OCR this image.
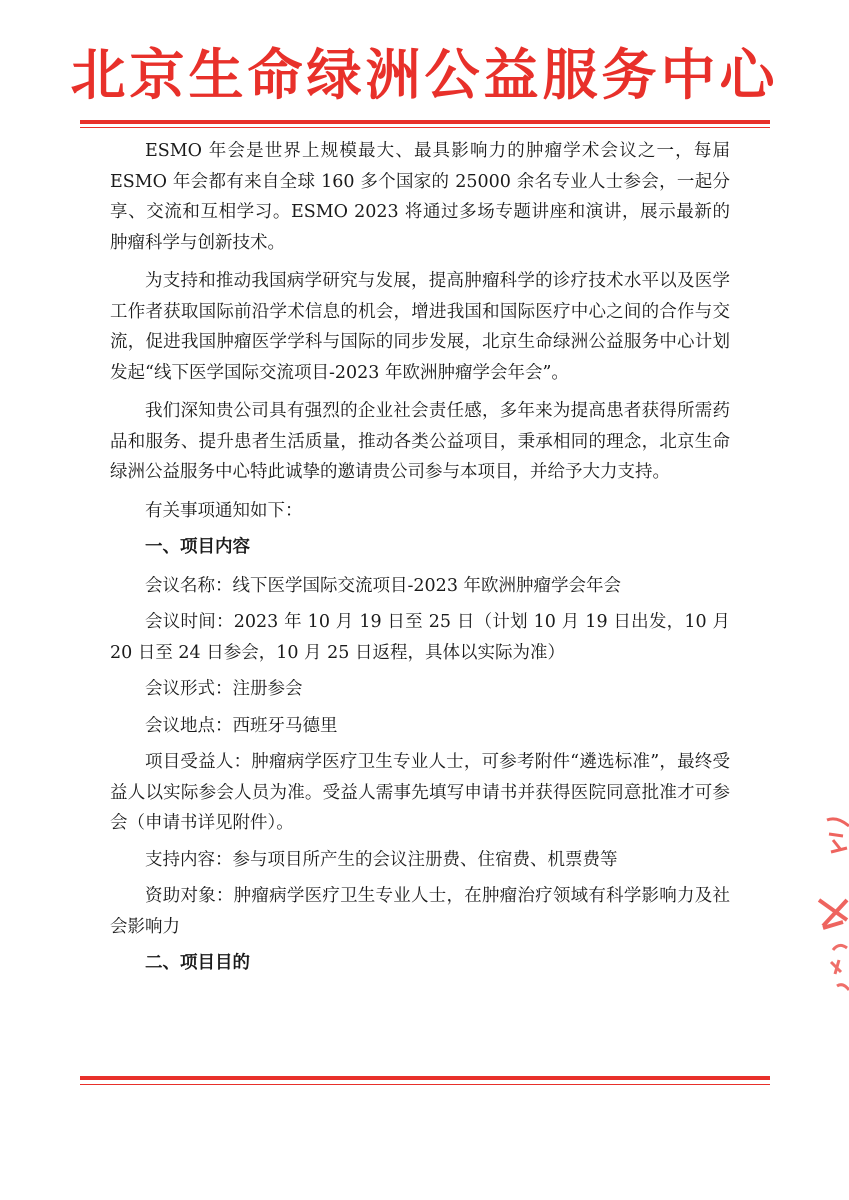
北京生命绿洲公益服务中心

ESMO 年会是世界上规模最大、最具影响力的肿瘤学术会议之一，每届 ESMO 年会都有来自全球 160 多个国家的 25000 余名专业人士参会，一起分享、交流和互相学习。ESMO 2023 将通过多场专题讲座和演讲，展示最新的肿瘤科学与创新技术。

为支持和推动我国病学研究与发展，提高肿瘤科学的诊疗技术水平以及医学工作者获取国际前沿学术信息的机会，增进我国和国际医疗中心之间的合作与交流，促进我国肿瘤医学学科与国际的同步发展，北京生命绿洲公益服务中心计划发起“线下医学国际交流项目-2023 年欧洲肿瘤学会年会”。

我们深知贵公司具有强烈的企业社会责任感，多年来为提高患者获得所需药品和服务、提升患者生活质量，推动各类公益项目，秉承相同的理念，北京生命绿洲公益服务中心特此诚挚的邀请贵公司参与本项目，并给予大力支持。

有关事项通知如下：

一、项目内容

会议名称：线下医学国际交流项目-2023 年欧洲肿瘤学会年会

会议时间：2023 年 10 月 19 日至 25 日（计划 10 月 19 日出发，10 月 20 日至 24 日参会，10 月 25 日返程，具体以实际为准）

会议形式：注册参会

会议地点：西班牙马德里

项目受益人：肿瘤病学医疗卫生专业人士，可参考附件“遴选标准”，最终受益人以实际参会人员为准。受益人需事先填写申请书并获得医院同意批准才可参会（申请书详见附件）。

支持内容：参与项目所产生的会议注册费、住宿费、机票费等

资助对象：肿瘤病学医疗卫生专业人士，在肿瘤治疗领域有科学影响力及社会影响力

二、项目目的
